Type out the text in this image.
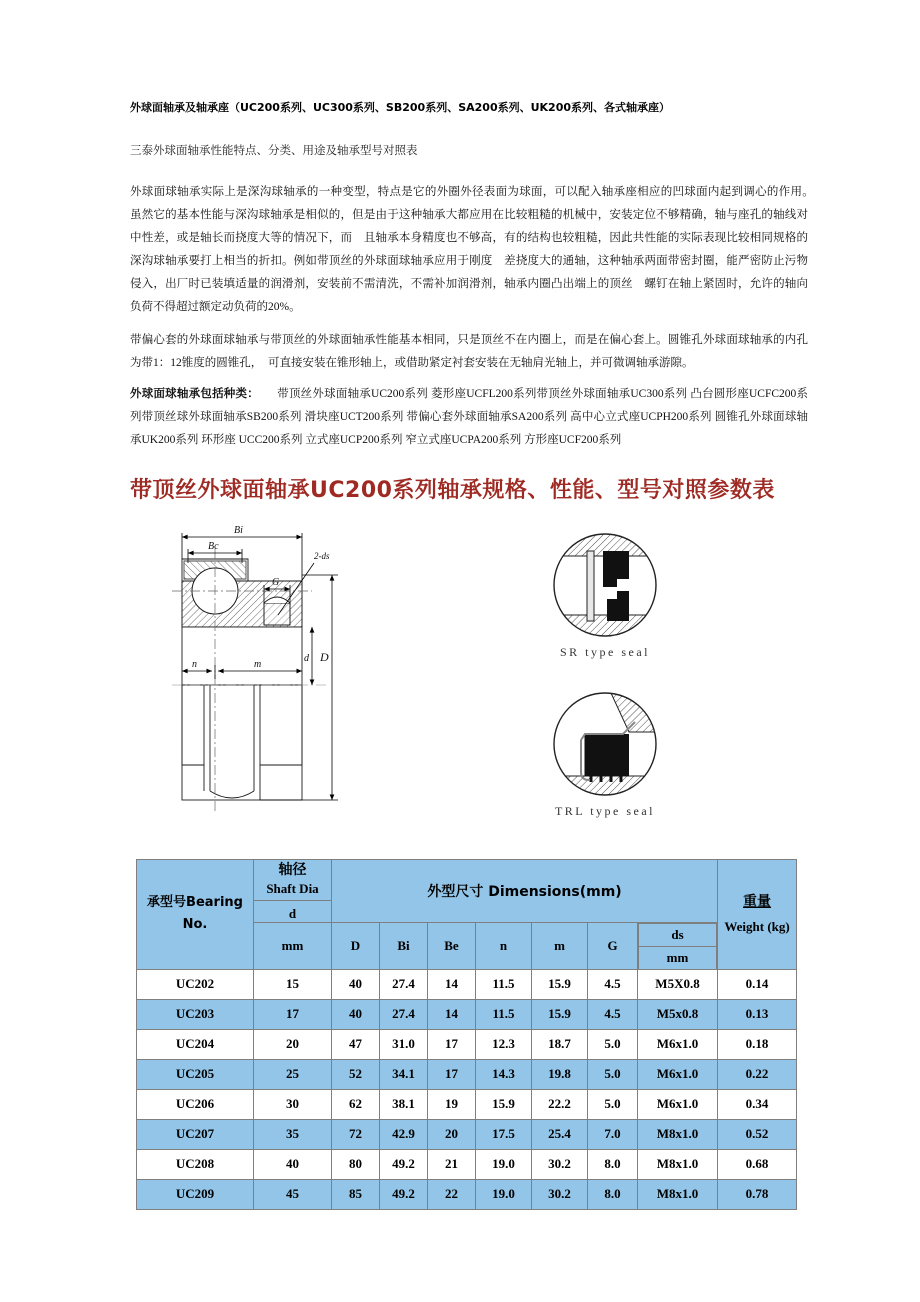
外球面轴承及轴承座（UC200系列、UC300系列、SB200系列、SA200系列、UK200系列、各式轴承座）
三泰外球面轴承性能特点、分类、用途及轴承型号对照表

外球面球轴承实际上是深沟球轴承的一种变型，特点是它的外圈外径表面为球面，可以配入轴承座相应的凹球面内起到调心的作用。　　虽然它的基本性能与深沟球轴承是相似的，但是由于这种轴承大都应用在比较粗糙的机械中，安装定位不够精确，轴与座孔的轴线对中性差，或是轴长而挠度大等的情况下，而　且轴承本身精度也不够高，有的结构也较粗糙，因此共性能的实际表现比较相同规格的深沟球轴承要打上相当的折扣。例如带顶丝的外球面球轴承应用于刚度　差挠度大的通轴，这种轴承两面带密封圈，能严密防止污物侵入，出厂时已装填适量的润滑剂，安装前不需清洗，不需补加润滑剂，轴承内圈凸出端上的顶丝　螺钉在轴上紧固时，允许的轴向负荷不得超过额定动负荷的20%。

带偏心套的外球面球轴承与带顶丝的外球面轴承性能基本相同，只是顶丝不在内圈上，而是在偏心套上。圆锥孔外球面球轴承的内孔为带1：12锥度的圆锥孔，　可直接安装在锥形轴上，或借助紧定衬套安装在无轴肩光轴上，并可微调轴承游隙。

外球面球轴承包括种类： 带顶丝外球面轴承UC200系列 菱形座UCFL200系列带顶丝外球面轴承UC300系列 凸台圆形座UCFC200系列带顶丝球外球面轴承SB200系列 滑块座UCT200系列 带偏心套外球面轴承SA200系列 高中心立式座UCPH200系列 圆锥孔外球面球轴承UK200系列 环形座 UCC200系列 立式座UCP200系列 窄立式座UCPA200系列 方形座UCF200系列

带顶丝外球面轴承UC200系列轴承规格、性能、型号对照参数表
Bi
Bc
2-ds
G
n	m
d D	SR type seal
TRL type seal
承型号Bearing No.	
轴径
Shaft Dia
d
	外型尺寸 Dimensions(mm)	
重量
Weight (kg)

mm	D	Bi	Be	n	m	G	
ds
mm

UC202	15	40	27.4	14	11.5	15.9	4.5	M5X0.8	0.14
UC203	17	40	27.4	14	11.5	15.9	4.5	M5x0.8	0.13
UC204	20	47	31.0	17	12.3	18.7	5.0	M6x1.0	0.18
UC205	25	52	34.1	17	14.3	19.8	5.0	M6x1.0	0.22
UC206	30	62	38.1	19	15.9	22.2	5.0	M6x1.0	0.34
UC207	35	72	42.9	20	17.5	25.4	7.0	M8x1.0	0.52
UC208	40	80	49.2	21	19.0	30.2	8.0	M8x1.0	0.68
UC209	45	85	49.2	22	19.0	30.2	8.0	M8x1.0	0.78
